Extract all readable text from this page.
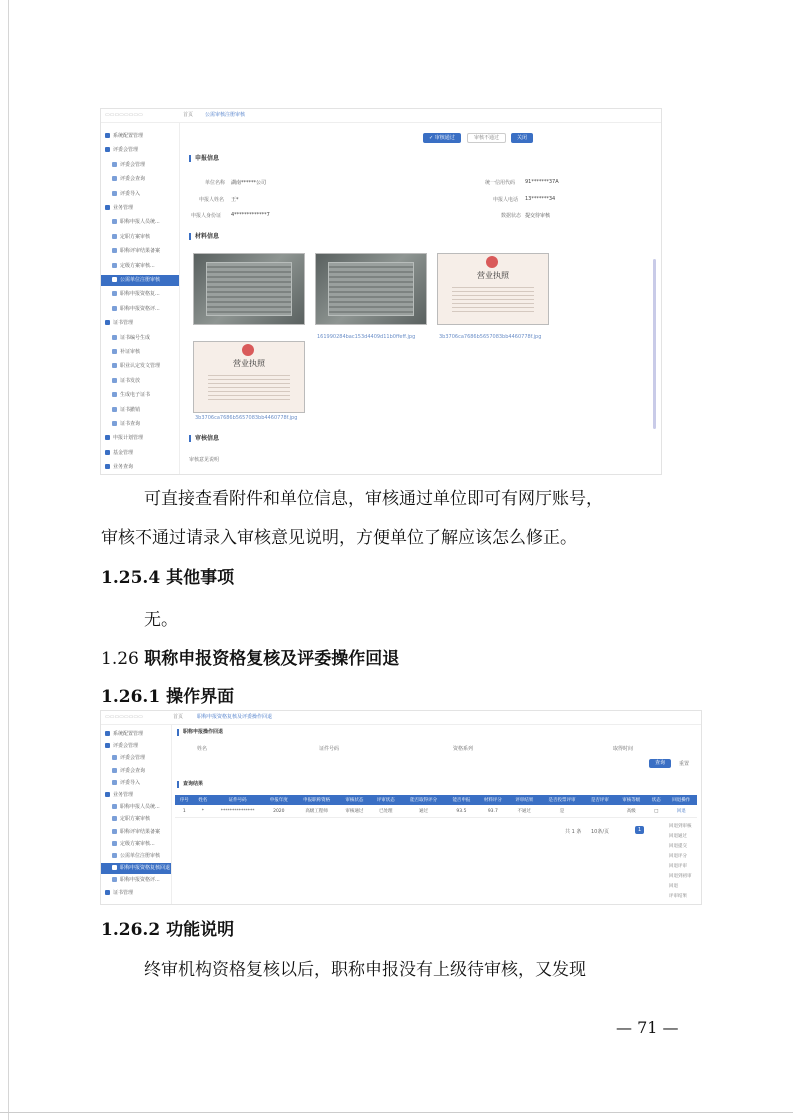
▭▭▭▭▭▭▭▭	首页 公需审核注册审核
系统配置管理
评委会管理
评委会管理
评委会查询
评委导入
业务管理
职称申报人员统...
定职方案审核
职称评审结果备案
定级方案审核...
公需单位注册审核
职称申报资格复...
职称申报资格评...
证书管理
证书编号生成
补证审核
职业认定发文管理
证书发放
生成电子证书
证书撤销
证书查询
申报计划管理
基金管理
业务查询
✓ 审核通过	审核不通过	关闭
申报信息
单位名称 湖南******公司	统一信用代码 91*******37A
申报人姓名 王*	申报人电话 13*******34
申报人身份证 4*************7	数据状态 提交待审核
材料信息
营业执照
161990284bac153d4409d11b0ffeff.jpg	3b3706ca7686b5657083bb4460778f.jpg
营业执照
3b3706ca7686b5657083bb4460778f.jpg
审核信息
审核意见说明
可直接查看附件和单位信息，审核通过单位即可有网厅账号，
审核不通过请录入审核意见说明，方便单位了解应该怎么修正。
1.25.4 其他事项
无。
1.26 职称申报资格复核及评委操作回退
1.26.1 操作界面
▭▭▭▭▭▭▭▭	首页	职称申报资格复核及评委操作回退
系统配置管理
评委会管理
评委会管理
评委会查询
评委导入
业务管理
职称申报人员统...
定职方案审核
职称评审结果备案
定级方案审核...
公需单位注册审核
职称申报资格复核回退
职称申报资格评...
证书管理
职称申报操作回退
姓名	证件号码	资格系列	取得时间
查询	重置
查询结果
序号	姓名	证件号码	申报年度	申报职称资格	审核状态	评审状态	能否取得评分	能否申报	材料评分	评审结果	是否投票评审	是否评审	审核等级	状态	回退操作
1	*	***************	2020	高级工程师	审核通过	已处理	通过	93.5	93.7	不通过	是		高级	□	回退
共 1 条 10条/页	1
回退到审核
回退通过
回退提交
回退评分
回退评审
回退到初审
回退
评审结果
1.26.2 功能说明
终审机构资格复核以后，职称申报没有上级待审核，又发现
— 71 —
